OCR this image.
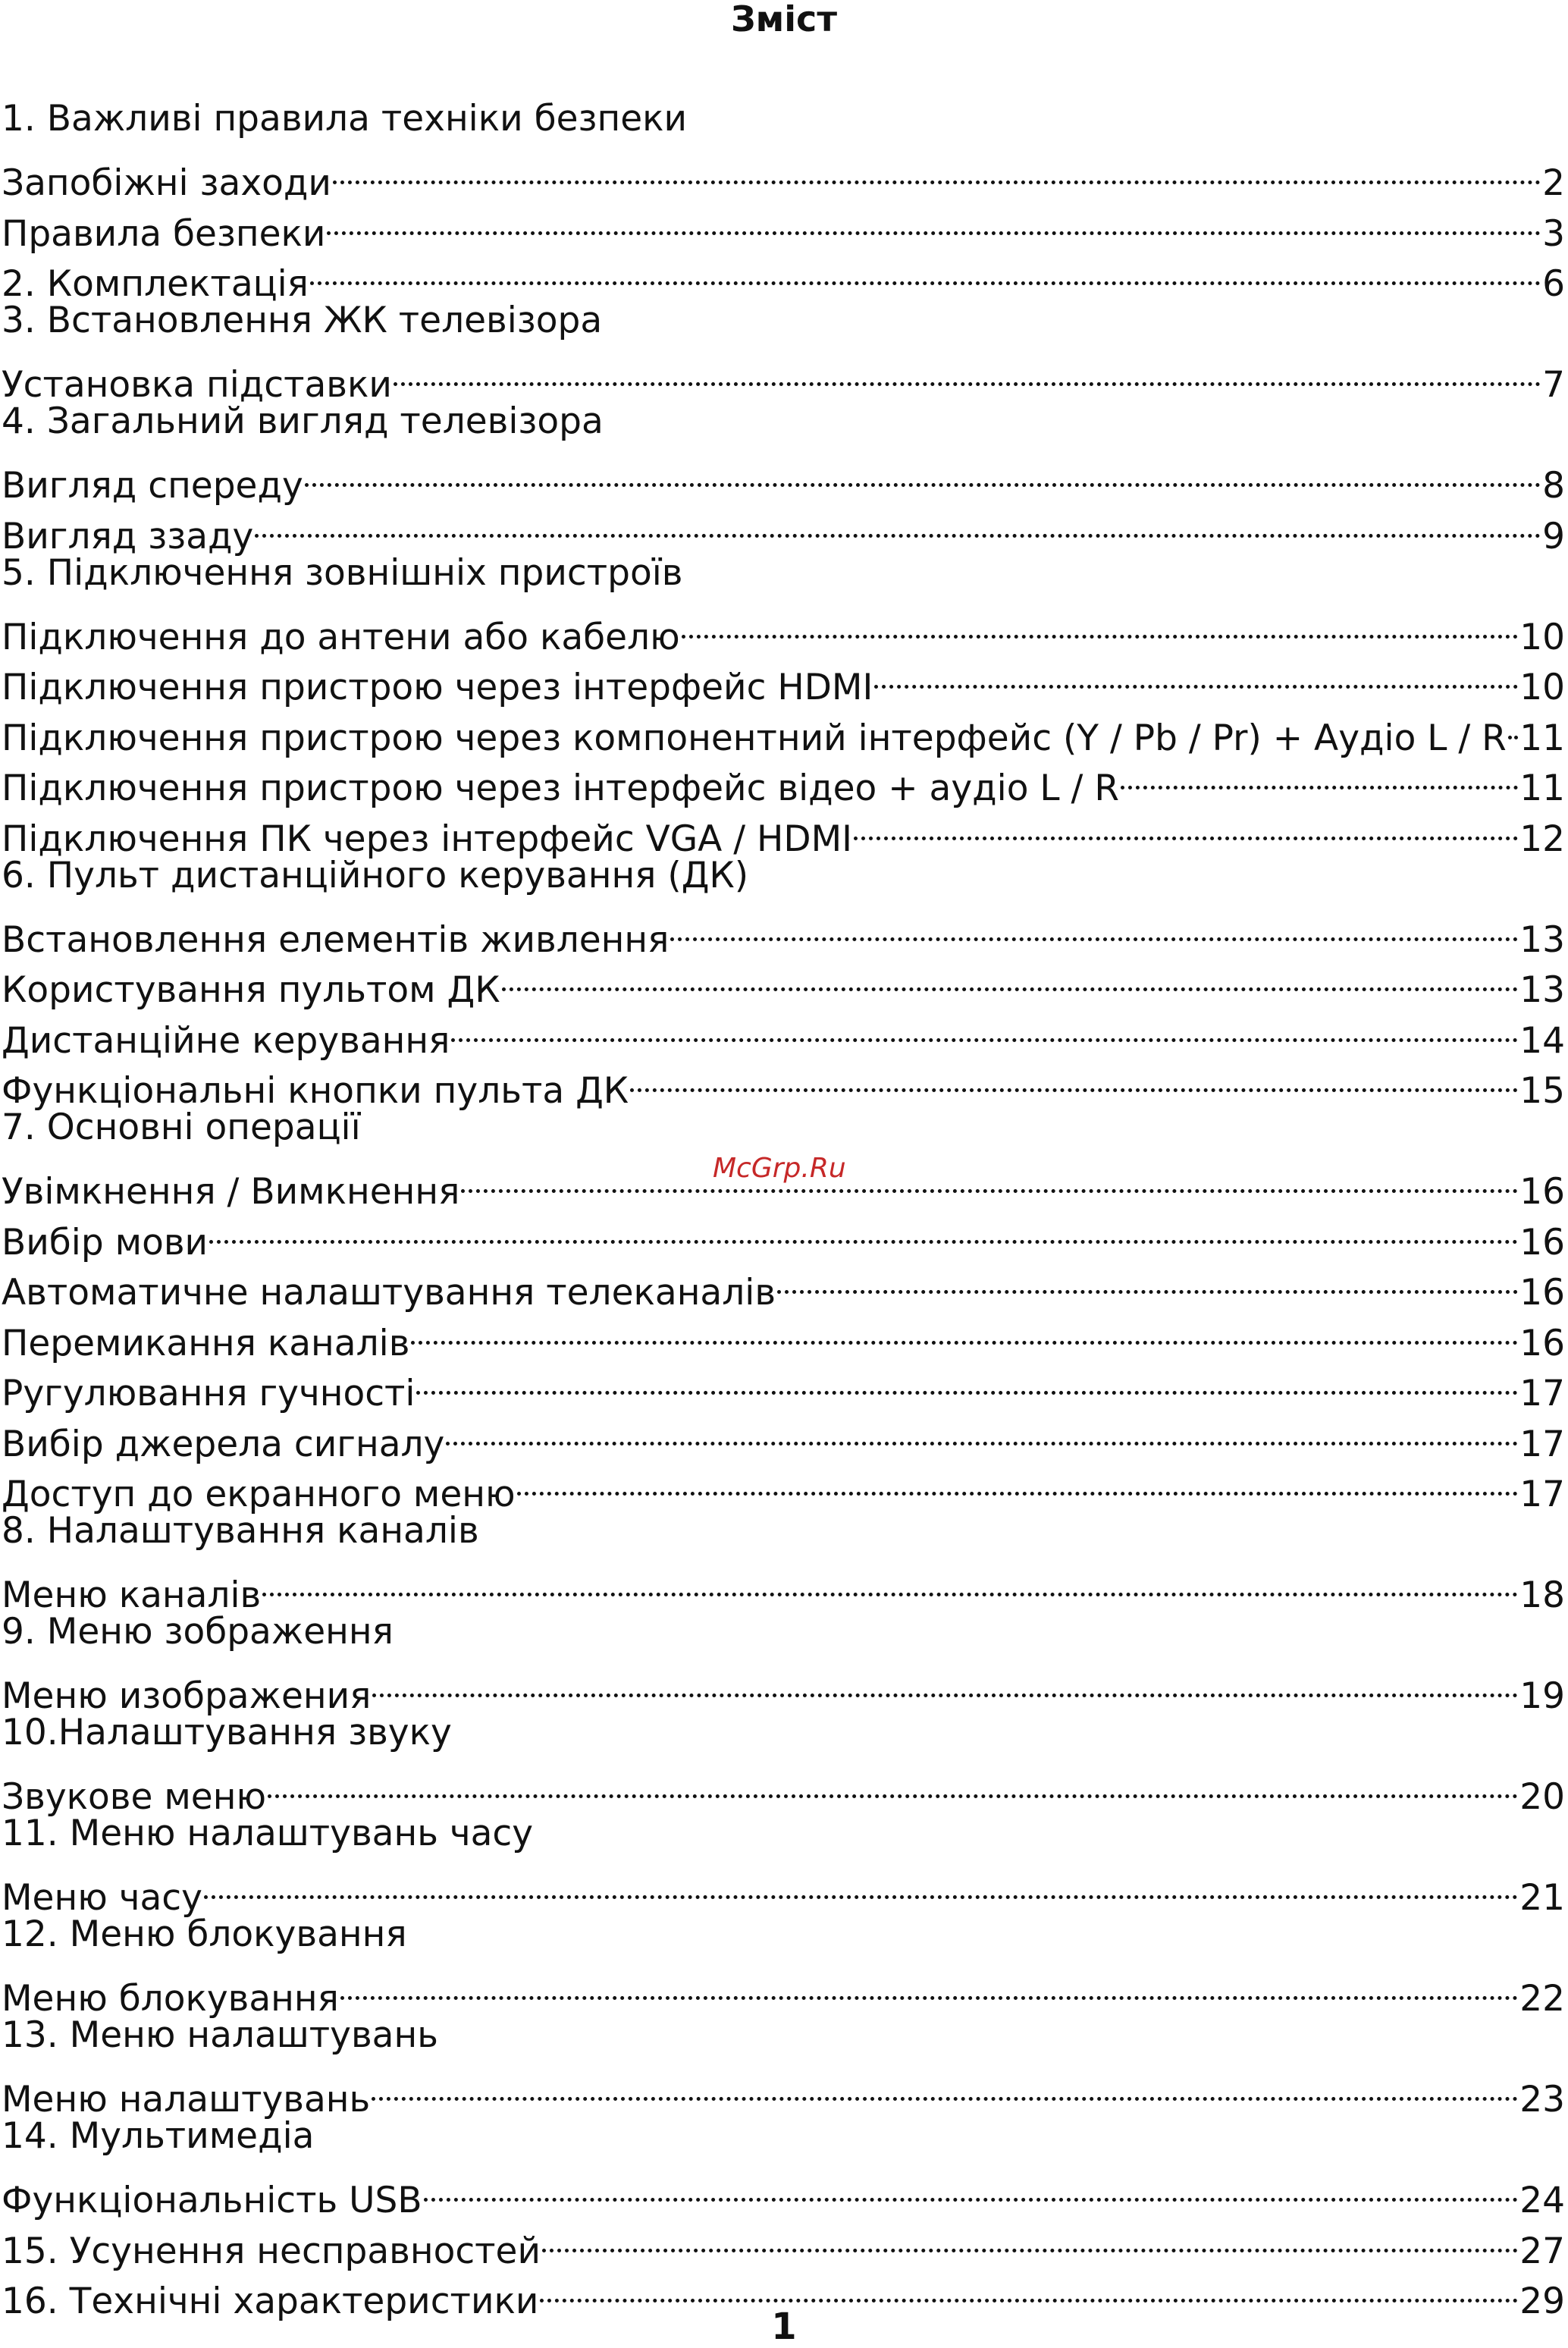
Зміст
1. Важливі правила техніки безпеки
Запобіжні заходи	2
Правила безпеки	3
2. Комплектація	6
3. Встановлення ЖК телевізора
Установка підставки	7
4. Загальний вигляд телевізора
Вигляд спереду	8
Вигляд ззаду	9
5. Підключення зовнішніх пристроїв
Підключення до антени або кабелю	10
Підключення пристрою через інтерфейс HDMI	10
Підключення пристрою через компонентний інтерфейс (Y / Pb / Pr) + Аудіо L / R 11
Підключення пристрою через інтерфейс відео + аудіо L / R	11
Підключення ПК через інтерфейс VGA / HDMI	12
6. Пульт дистанційного керування (ДК)
Встановлення елементів живлення	13
Користування пультом ДК	13
Дистанційне керування	14
Функціональні кнопки пульта ДК	15
7. Основні операції
Увімкнення / Вимкнення	16
Вибір мови	16
Автоматичне налаштування телеканалів	16
Перемикання каналів	16
Ругулювання гучності	17
Вибір джерела сигналу	17
Доступ до екранного меню	17
8. Налаштування каналів
Меню каналів	18
9. Меню зображення
Меню изображения	19
10.Налаштування звуку
Звукове меню	20
11. Меню налаштувань часу
Меню часу	21
12. Меню блокування
Меню блокування	22
13. Меню налаштувань
Меню налаштувань	23
14. Мультимедіа
Функціональність USB	24
15. Усунення несправностей	27
16. Технічні характеристики	29
McGrp.Ru
1
